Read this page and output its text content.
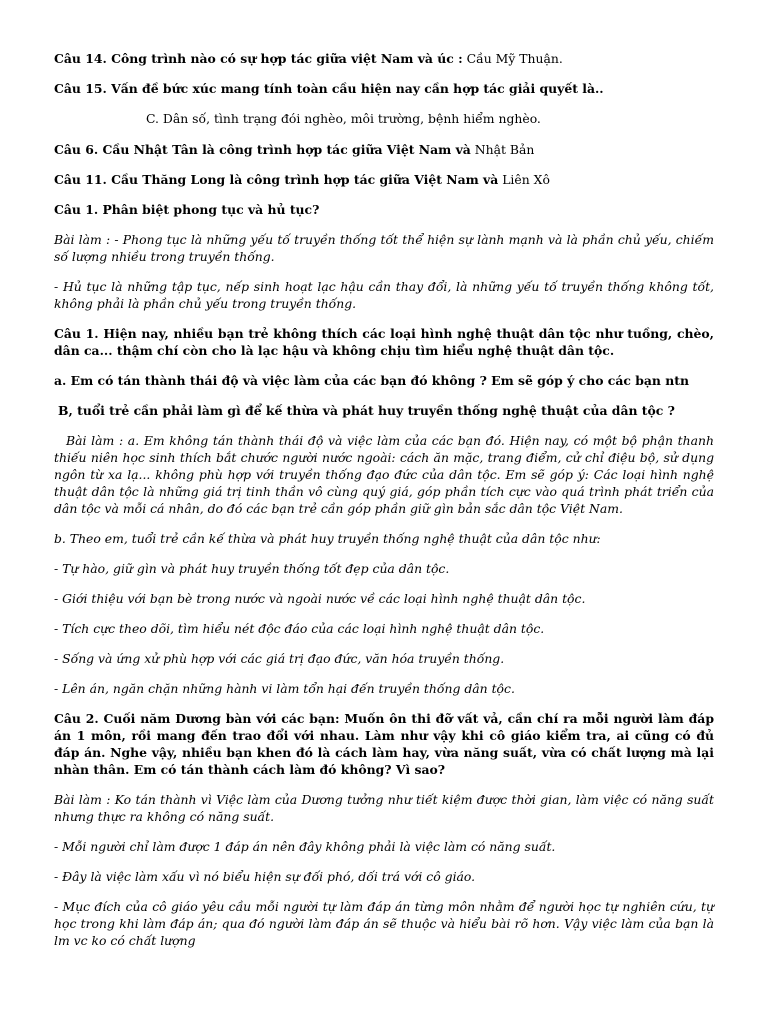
Câu 14. Công trình nào có sự hợp tác giữa việt Nam và úc : Cầu Mỹ Thuận.

Câu 15. Vấn đề bức xúc mang tính toàn cầu hiện nay cần hợp tác giải quyết là..

C. Dân số, tình trạng đói nghèo, môi trường, bệnh hiểm nghèo.

Câu 6. Cầu Nhật Tân là công trình hợp tác giữa Việt Nam và Nhật Bản

Câu 11. Cầu Thăng Long là công trình hợp tác giữa Việt Nam và Liên Xô

Câu 1. Phân biệt phong tục và hủ tục?

Bài làm : - Phong tục là những yếu tố truyền thống tốt thể hiện sự lành mạnh và là phần chủ yếu, chiếm số lượng nhiều trong truyền thống.

- Hủ tục là những tập tục, nếp sinh hoạt lạc hậu cần thay đổi, là những yếu tố truyền thống không tốt, không phải là phần chủ yếu trong truyền thống.

Câu 1. Hiện nay, nhiều bạn trẻ không thích các loại hình nghệ thuật dân tộc như tuồng, chèo, dân ca... thậm chí còn cho là lạc hậu và không chịu tìm hiểu nghệ thuật dân tộc.

a. Em có tán thành thái độ và việc làm của các bạn đó không ? Em sẽ góp ý cho các bạn ntn

B, tuổi trẻ cần phải làm gì để kế thừa và phát huy truyền thống nghệ thuật của dân tộc ?

Bài làm : a. Em không tán thành thái độ và việc làm của các bạn đó. Hiện nay, có một bộ phận thanh thiếu niên học sinh thích bắt chước người nước ngoài: cách ăn mặc, trang điểm, cử chỉ điệu bộ, sử dụng ngôn từ xa lạ... không phù hợp với truyền thống đạo đức của dân tộc. Em sẽ góp ý: Các loại hình nghệ thuật dân tộc là những giá trị tinh thần vô cùng quý giá, góp phần tích cực vào quá trình phát triển của dân tộc và mỗi cá nhân, do đó các bạn trẻ cần góp phần giữ gìn bản sắc dân tộc Việt Nam.

b. Theo em, tuổi trẻ cần kế thừa và phát huy truyền thống nghệ thuật của dân tộc như:

- Tự hào, giữ gìn và phát huy truyền thống tốt đẹp của dân tộc.

- Giới thiệu với bạn bè trong nước và ngoài nước về các loại hình nghệ thuật dân tộc.

- Tích cực theo dõi, tìm hiểu nét độc đáo của các loại hình nghệ thuật dân tộc.

- Sống và ứng xử phù hợp với các giá trị đạo đức, văn hóa truyền thống.

- Lên án, ngăn chặn những hành vi làm tổn hại đến truyền thống dân tộc.

Câu 2. Cuối năm Dương bàn với các bạn: Muốn ôn thi đỡ vất vả, cần chí ra mỗi người làm đáp án 1 môn, rồi mang đến trao đổi với nhau. Làm như vậy khi cô giáo kiểm tra, ai cũng có đủ đáp án. Nghe vậy, nhiều bạn khen đó là cách làm hay, vừa năng suất, vừa có chất lượng mà lại nhàn thân. Em có tán thành cách làm đó không? Vì sao?

Bài làm : Ko tán thành vì Việc làm của Dương tưởng như tiết kiệm được thời gian, làm việc có năng suất nhưng thực ra không có năng suất.

- Mỗi người chỉ làm được 1 đáp án nên đây không phải là việc làm có năng suất.

- Đây là việc làm xấu vì nó biểu hiện sự đối phó, dối trá với cô giáo.

- Mục đích của cô giáo yêu cầu mỗi người tự làm đáp án từng môn nhằm để người học tự nghiên cứu, tự học trong khi làm đáp án; qua đó người làm đáp án sẽ thuộc và hiểu bài rõ hơn. Vậy việc làm của bạn là lm vc ko có chất lượng
